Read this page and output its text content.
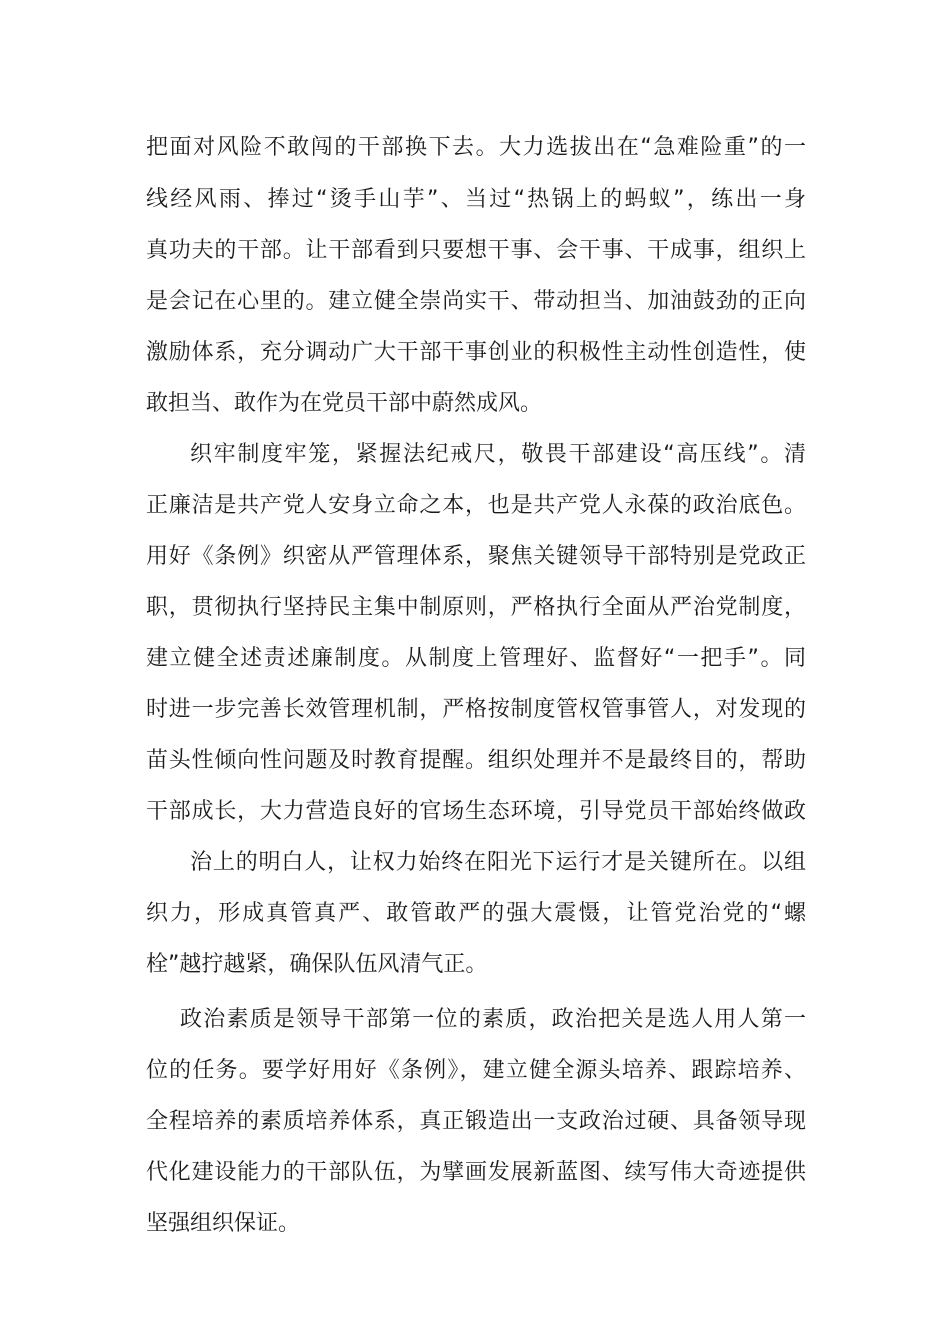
把面对风险不敢闯的干部换下去。大力选拔出在“急难险重”的一
线经风雨、捧过“烫手山芋”、当过“热锅上的蚂蚁”，练出一身
真功夫的干部。让干部看到只要想干事、会干事、干成事，组织上
是会记在心里的。建立健全崇尚实干、带动担当、加油鼓劲的正向
激励体系，充分调动广大干部干事创业的积极性主动性创造性，使
敢担当、敢作为在党员干部中蔚然成风。
织牢制度牢笼，紧握法纪戒尺，敬畏干部建设“高压线”。清
正廉洁是共产党人安身立命之本，也是共产党人永葆的政治底色。
用好《条例》织密从严管理体系，聚焦关键领导干部特别是党政正
职，贯彻执行坚持民主集中制原则，严格执行全面从严治党制度，
建立健全述责述廉制度。从制度上管理好、监督好“一把手”。同
时进一步完善长效管理机制，严格按制度管权管事管人，对发现的
苗头性倾向性问题及时教育提醒。组织处理并不是最终目的，帮助
干部成长，大力营造良好的官场生态环境，引导党员干部始终做政
治上的明白人，让权力始终在阳光下运行才是关键所在。以组
织力，形成真管真严、敢管敢严的强大震慑，让管党治党的“螺
栓”越拧越紧，确保队伍风清气正。
政治素质是领导干部第一位的素质，政治把关是选人用人第一
位的任务。要学好用好《条例》，建立健全源头培养、跟踪培养、
全程培养的素质培养体系，真正锻造出一支政治过硬、具备领导现
代化建设能力的干部队伍，为擘画发展新蓝图、续写伟大奇迹提供
坚强组织保证。
